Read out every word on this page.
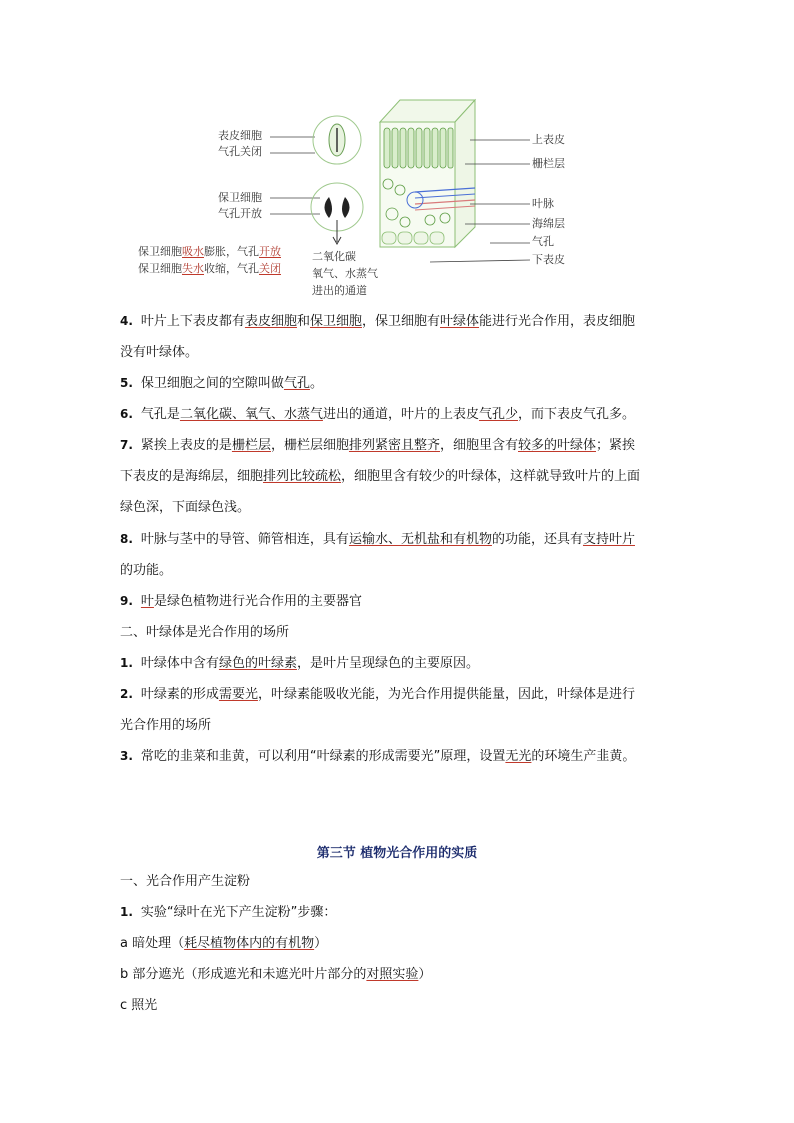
表皮细胞
气孔关闭
保卫细胞
气孔开放
保卫细胞吸水膨胀，气孔开放
保卫细胞失水收缩，气孔关闭
二氧化碳
氧气、水蒸气
进出的通道
上表皮
栅栏层
叶脉
海绵层
气孔
下表皮
4. 叶片上下表皮都有表皮细胞和保卫细胞，保卫细胞有叶绿体能进行光合作用，表皮细胞
没有叶绿体。
5. 保卫细胞之间的空隙叫做气孔。
6. 气孔是二氧化碳、氧气、水蒸气进出的通道，叶片的上表皮气孔少，而下表皮气孔多。
7. 紧挨上表皮的是栅栏层，栅栏层细胞排列紧密且整齐，细胞里含有较多的叶绿体；紧挨
下表皮的是海绵层，细胞排列比较疏松，细胞里含有较少的叶绿体，这样就导致叶片的上面
绿色深，下面绿色浅。
8. 叶脉与茎中的导管、筛管相连，具有运输水、无机盐和有机物的功能，还具有支持叶片
的功能。
9. 叶是绿色植物进行光合作用的主要器官
二、叶绿体是光合作用的场所
1. 叶绿体中含有绿色的叶绿素，是叶片呈现绿色的主要原因。
2. 叶绿素的形成需要光，叶绿素能吸收光能，为光合作用提供能量，因此，叶绿体是进行
光合作用的场所
3. 常吃的韭菜和韭黄，可以利用“叶绿素的形成需要光”原理，设置无光的环境生产韭黄。
第三节 植物光合作用的实质
一、光合作用产生淀粉
1. 实验“绿叶在光下产生淀粉”步骤：
a 暗处理（耗尽植物体内的有机物）
b 部分遮光（形成遮光和未遮光叶片部分的对照实验）
c 照光
